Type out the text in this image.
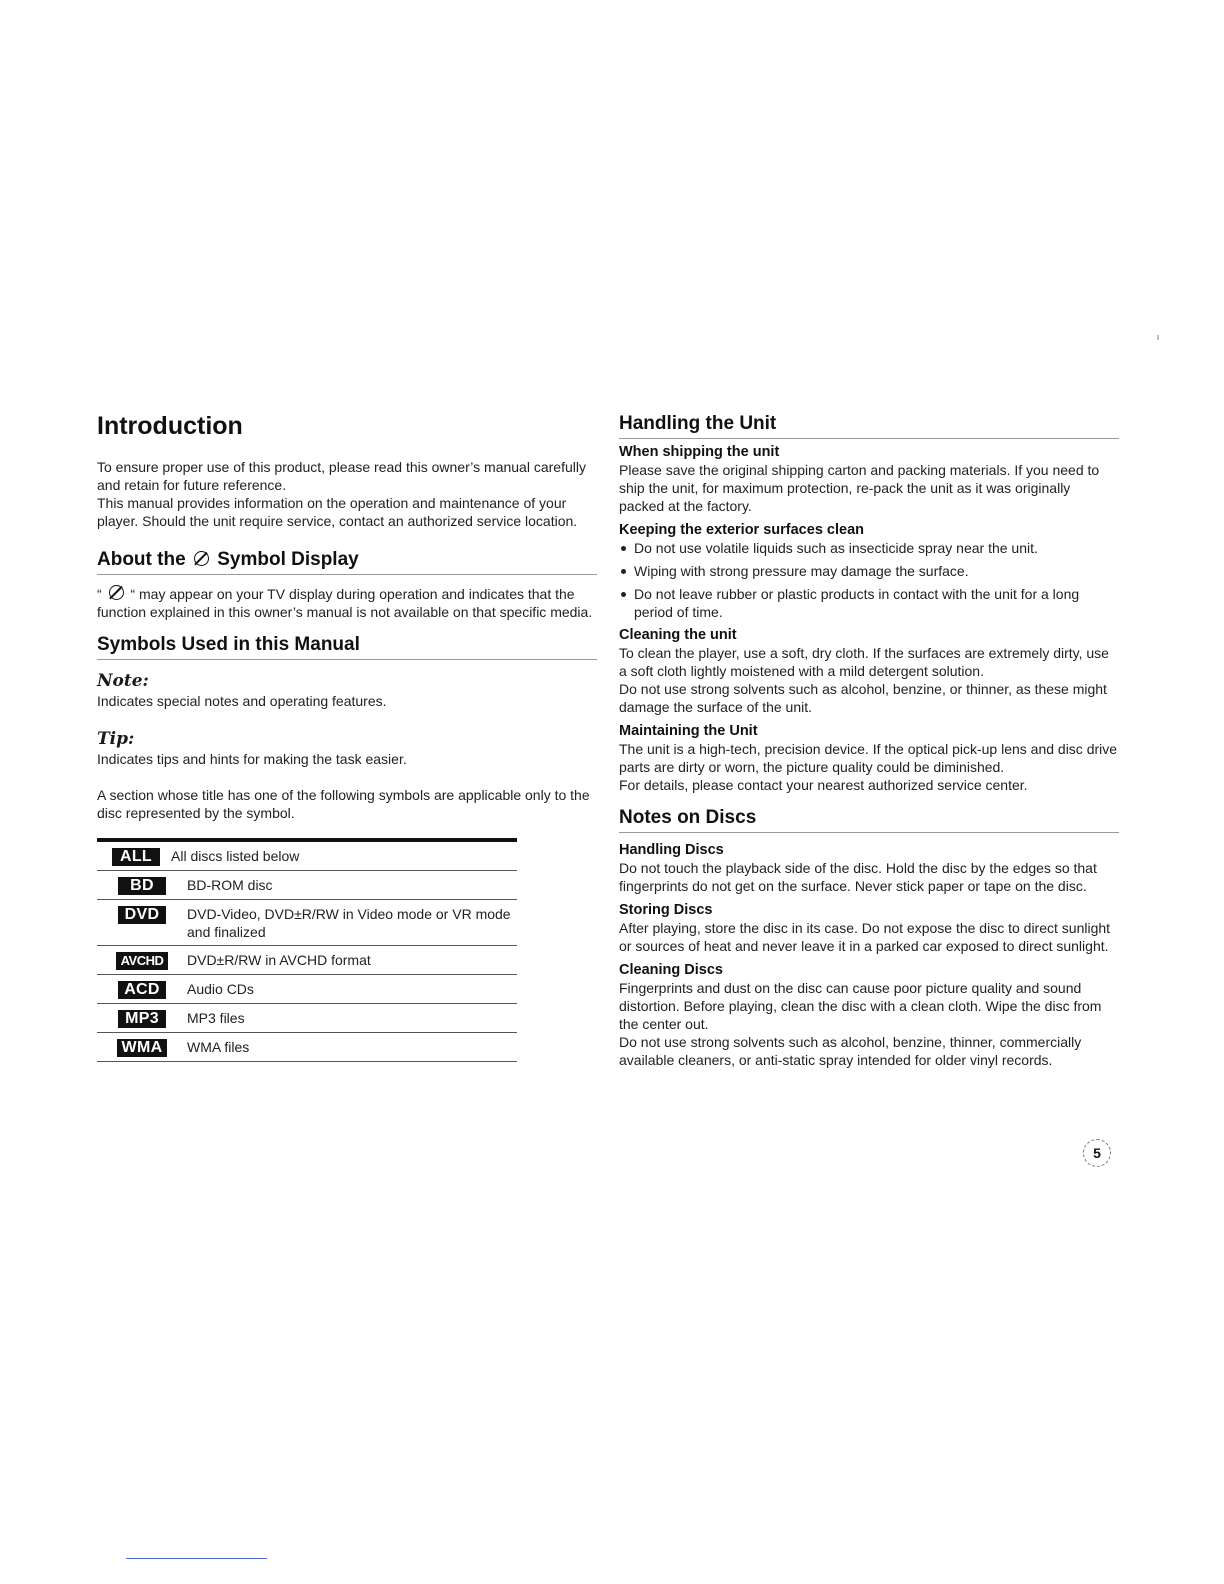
Introduction

To ensure proper use of this product, please read this owner’s manual carefully and retain for future reference.

This manual provides information on the operation and maintenance of your player. Should the unit require service, contact an authorized service location.

About the Symbol Display

“ “ may appear on your TV display during operation and indicates that the function explained in this owner’s manual is not available on that specific media.

Symbols Used in this Manual
Note:

Indicates special notes and operating features.

Tip:

Indicates tips and hints for making the task easier.

A section whose title has one of the following symbols are applicable only to the disc represented by the symbol.

ALL	All discs listed below
BD	BD-ROM disc
DVD	DVD-Video, DVD±R/RW in Video mode or VR mode and finalized
AVCHD	DVD±R/RW in AVCHD format
ACD	Audio CDs
MP3	MP3 files
WMA	WMA files
Handling the Unit
When shipping the unit

Please save the original shipping carton and packing materials. If you need to ship the unit, for maximum protection, re-pack the unit as it was originally packed at the factory.

Keeping the exterior surfaces clean
Do not use volatile liquids such as insecticide spray near the unit.
Wiping with strong pressure may damage the surface.
Do not leave rubber or plastic products in contact with the unit for a long period of time.
Cleaning the unit

To clean the player, use a soft, dry cloth. If the surfaces are extremely dirty, use a soft cloth lightly moistened with a mild detergent solution.

Do not use strong solvents such as alcohol, benzine, or thinner, as these might damage the surface of the unit.

Maintaining the Unit

The unit is a high-tech, precision device. If the optical pick-up lens and disc drive parts are dirty or worn, the picture quality could be diminished.

For details, please contact your nearest authorized service center.

Notes on Discs
Handling Discs

Do not touch the playback side of the disc. Hold the disc by the edges so that fingerprints do not get on the surface. Never stick paper or tape on the disc.

Storing Discs

After playing, store the disc in its case. Do not expose the disc to direct sunlight or sources of heat and never leave it in a parked car exposed to direct sunlight.

Cleaning Discs

Fingerprints and dust on the disc can cause poor picture quality and sound distortion. Before playing, clean the disc with a clean cloth. Wipe the disc from the center out.

Do not use strong solvents such as alcohol, benzine, thinner, commercially available cleaners, or anti-static spray intended for older vinyl records.

5
